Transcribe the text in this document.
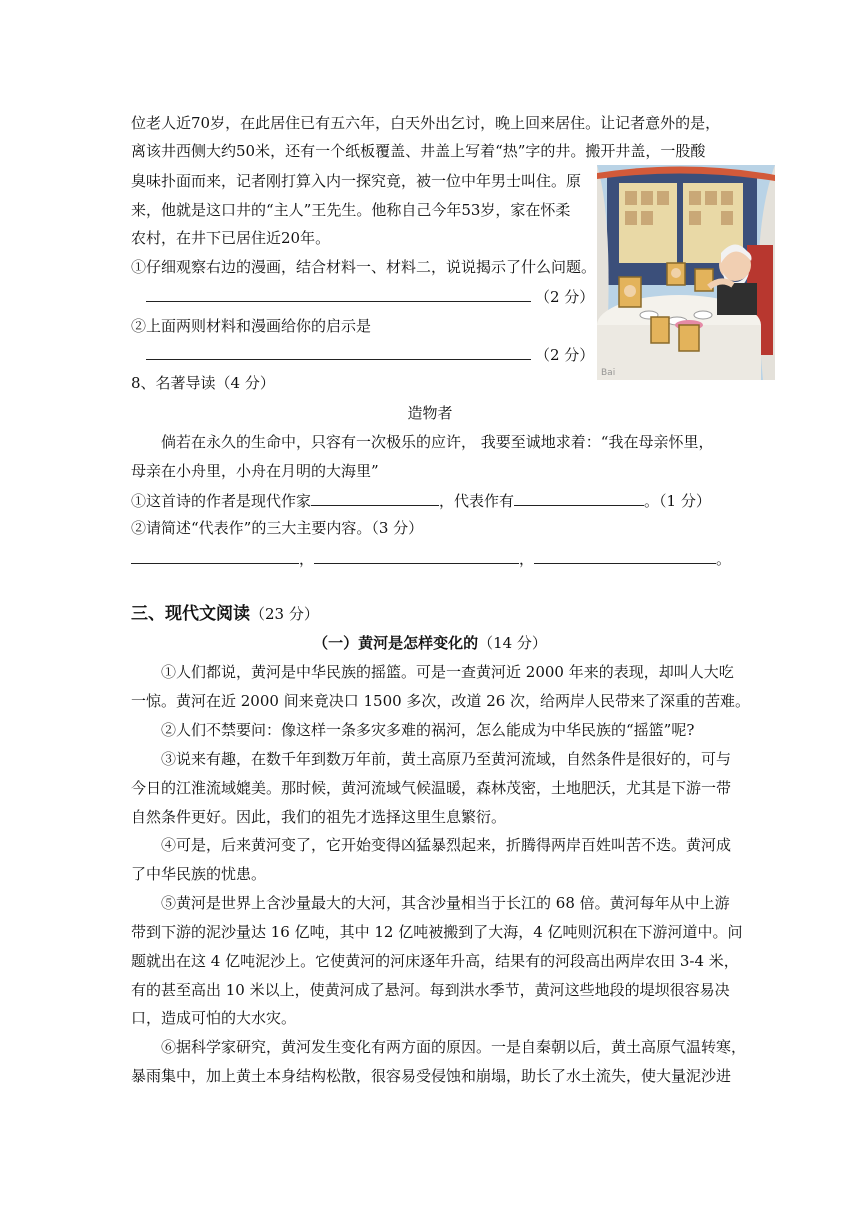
位老人近70岁，在此居住已有五六年，白天外出乞讨，晚上回来居住。让记者意外的是，
离该井西侧大约50米，还有一个纸板覆盖、井盖上写着“热”字的井。搬开井盖，一股酸
臭味扑面而来，记者刚打算入内一探究竟，被一位中年男士叫住。原
来，他就是这口井的“主人”王先生。他称自己今年53岁，家在怀柔
农村，在井下已居住近20年。
①仔细观察右边的漫画，结合材料一、材料二，说说揭示了什么问题。
（2 分）
②上面两则材料和漫画给你的启示是
（2 分）
Bai
8、名著导读（4 分）
造物者
倘若在永久的生命中，只容有一次极乐的应许， 我要至诚地求着：“我在母亲怀里，
母亲在小舟里，小舟在月明的大海里”
①这首诗的作者是现代作家	，代表作有	。（1 分）
②请简述“代表作”的三大主要内容。（3 分）
，	，	。
三、现代文阅读（23 分）
（一）黄河是怎样变化的（14 分）
①人们都说，黄河是中华民族的摇篮。可是一查黄河近 2000 年来的表现，却叫人大吃
一惊。黄河在近 2000 间来竟决口 1500 多次，改道 26 次，给两岸人民带来了深重的苦难。
②人们不禁要问：像这样一条多灾多难的祸河，怎么能成为中华民族的“摇篮”呢?
③说来有趣，在数千年到数万年前，黄土高原乃至黄河流域，自然条件是很好的，可与
今日的江淮流域媲美。那时候，黄河流域气候温暖，森林茂密，土地肥沃，尤其是下游一带
自然条件更好。因此，我们的祖先才选择这里生息繁衍。
④可是，后来黄河变了，它开始变得凶猛暴烈起来，折腾得两岸百姓叫苦不迭。黄河成
了中华民族的忧患。
⑤黄河是世界上含沙量最大的大河，其含沙量相当于长江的 68 倍。黄河每年从中上游
带到下游的泥沙量达 16 亿吨，其中 12 亿吨被搬到了大海，4 亿吨则沉积在下游河道中。问
题就出在这 4 亿吨泥沙上。它使黄河的河床逐年升高，结果有的河段高出两岸农田 3-4 米，
有的甚至高出 10 米以上，使黄河成了悬河。每到洪水季节，黄河这些地段的堤坝很容易决
口，造成可怕的大水灾。
⑥据科学家研究，黄河发生变化有两方面的原因。一是自秦朝以后，黄土高原气温转寒，
暴雨集中，加上黄土本身结构松散，很容易受侵蚀和崩塌，助长了水土流失，使大量泥沙进
